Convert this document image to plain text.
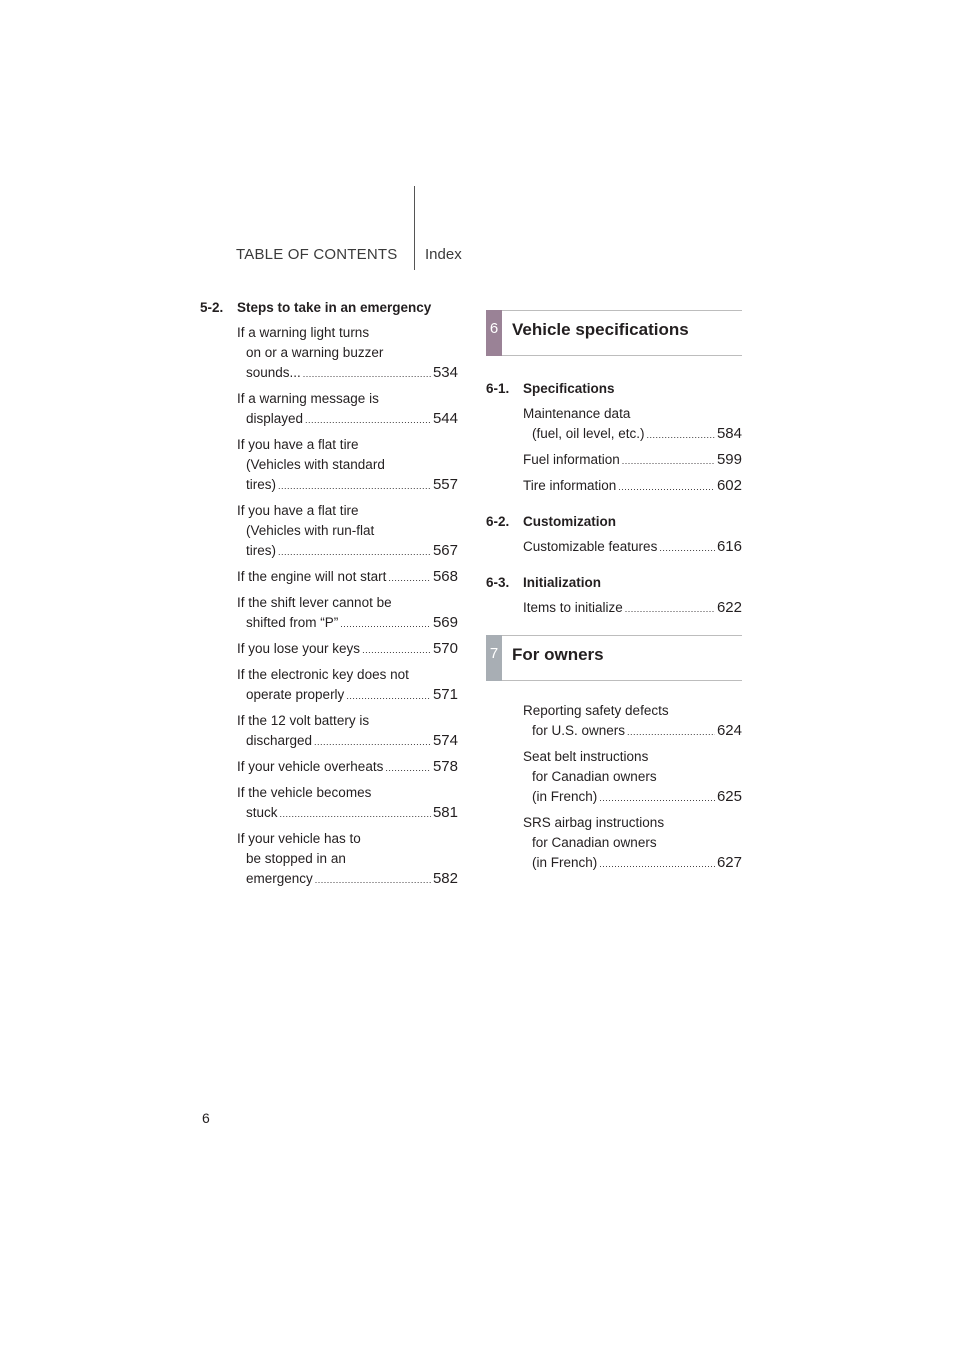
TABLE OF CONTENTS Index
5-2.	Steps to take in an emergency
If a warning light turns
on or a warning buzzer
sounds... .....	534
If a warning message is
displayed .....	544
If you have a flat tire
(Vehicles with standard
tires) .....	557
If you have a flat tire
(Vehicles with run-flat
tires) .....	567
If the engine will not start .....	568
If the shift lever cannot be
shifted from “P” .....	569
If you lose your keys .....	570
If the electronic key does not
operate properly .....	571
If the 12 volt battery is
discharged .....	574
If your vehicle overheats .....	578
If the vehicle becomes
stuck .....	581
If your vehicle has to
be stopped in an
emergency .....	582
6 Vehicle specifications
6-1.	Specifications
Maintenance data
(fuel, oil level, etc.) .....	584
Fuel information .....	599
Tire information .....	602
6-2.	Customization
Customizable features .....	616
6-3.	Initialization
Items to initialize .....	622
7 For owners
Reporting safety defects
for U.S. owners .....	624
Seat belt instructions
for Canadian owners
(in French) .....	625
SRS airbag instructions
for Canadian owners
(in French) .....	627
6
